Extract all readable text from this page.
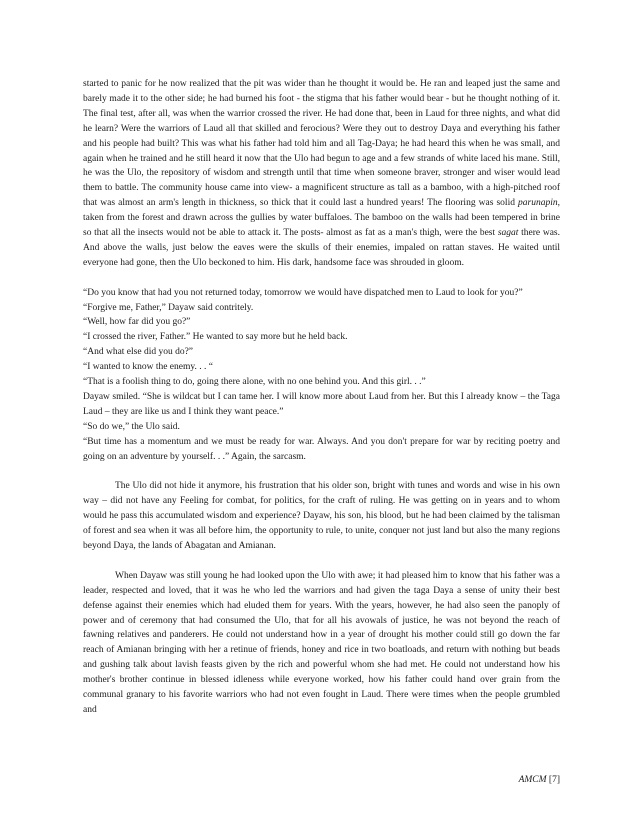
started to panic for he now realized that the pit was wider than he thought it would be. He ran and leaped just the same and barely made it to the other side; he had burned his foot - the stigma that his father would bear - but he thought nothing of it. The final test, after all, was when the warrior crossed the river. He had done that, been in Laud for three nights, and what did he learn? Were the warriors of Laud all that skilled and ferocious? Were they out to destroy Daya and everything his father and his people had built? This was what his father had told him and all Tag-Daya; he had heard this when he was small, and again when he trained and he still heard it now that the Ulo had begun to age and a few strands of white laced his mane. Still, he was the Ulo, the repository of wisdom and strength until that time when someone braver, stronger and wiser would lead them to battle. The community house came into view- a magnificent structure as tall as a bamboo, with a high-pitched roof that was almost an arm's length in thickness, so thick that it could last a hundred years! The flooring was solid parunapin, taken from the forest and drawn across the gullies by water buffaloes. The bamboo on the walls had been tempered in brine so that all the insects would not be able to attack it. The posts- almost as fat as a man's thigh, were the best sagat there was. And above the walls, just below the eaves were the skulls of their enemies, impaled on rattan staves. He waited until everyone had gone, then the Ulo beckoned to him. His dark, handsome face was shrouded in gloom.

“Do you know that had you not returned today, tomorrow we would have dispatched men to Laud to look for you?”

“Forgive me, Father,” Dayaw said contritely.

“Well, how far did you go?”

“I crossed the river, Father.” He wanted to say more but he held back.

“And what else did you do?”

“I wanted to know the enemy. . . “

“That is a foolish thing to do, going there alone, with no one behind you. And this girl. . .”

Dayaw smiled. “She is wildcat but I can tame her. I will know more about Laud from her. But this I already know – the Taga Laud – they are like us and I think they want peace.”

“So do we,” the Ulo said.

“But time has a momentum and we must be ready for war. Always. And you don't prepare for war by reciting poetry and going on an adventure by yourself. . .” Again, the sarcasm.

The Ulo did not hide it anymore, his frustration that his older son, bright with tunes and words and wise in his own way – did not have any Feeling for combat, for politics, for the craft of ruling. He was getting on in years and to whom would he pass this accumulated wisdom and experience? Dayaw, his son, his blood, but he had been claimed by the talisman of forest and sea when it was all before him, the opportunity to rule, to unite, conquer not just land but also the many regions beyond Daya, the lands of Abagatan and Amianan.

When Dayaw was still young he had looked upon the Ulo with awe; it had pleased him to know that his father was a leader, respected and loved, that it was he who led the warriors and had given the taga Daya a sense of unity their best defense against their enemies which had eluded them for years. With the years, however, he had also seen the panoply of power and of ceremony that had consumed the Ulo, that for all his avowals of justice, he was not beyond the reach of fawning relatives and panderers. He could not understand how in a year of drought his mother could still go down the far reach of Amianan bringing with her a retinue of friends, honey and rice in two boatloads, and return with nothing but beads and gushing talk about lavish feasts given by the rich and powerful whom she had met. He could not understand how his mother's brother continue in blessed idleness while everyone worked, how his father could hand over grain from the communal granary to his favorite warriors who had not even fought in Laud. There were times when the people grumbled and

AMCM [7]
